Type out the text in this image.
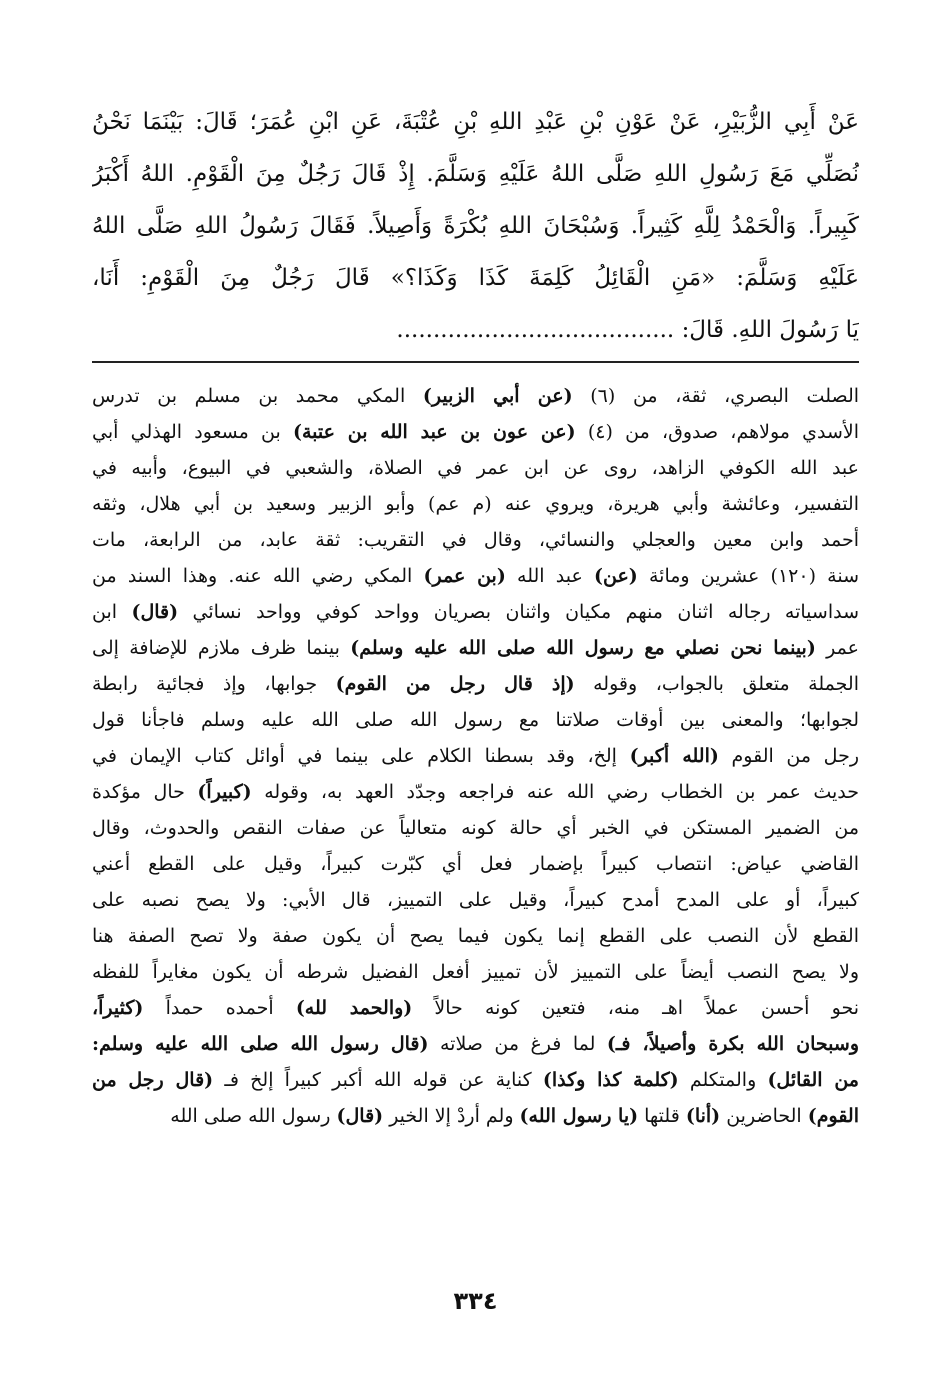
عَنْ أَبِي الزُّبَيْرِ، عَنْ عَوْنِ بْنِ عَبْدِ اللهِ بْنِ عُتْبَةَ، عَنِ ابْنِ عُمَرَ؛ قَالَ: بَيْنَمَا نَحْنُ
نُصَلِّي مَعَ رَسُولِ اللهِ صَلَّى اللهُ عَلَيْهِ وَسَلَّمَ. إِذْ قَالَ رَجُلٌ مِنَ الْقَوْمِ. اللهُ أَكْبَرُ
كَبِيراً. وَالْحَمْدُ لِلَّهِ كَثِيراً. وَسُبْحَانَ اللهِ بُكْرَةً وَأَصِيلاً. فَقَالَ رَسُولُ اللهِ صَلَّى اللهُ
عَلَيْهِ وَسَلَّمَ: «مَنِ الْقَائِلُ كَلِمَةَ كَذَا وَكَذَا؟» قَالَ رَجُلٌ مِنَ الْقَوْمِ: أَنَا،
يَا رَسُولَ اللهِ. قَالَ: ......................................
الصلت البصري، ثقة، من (٦) (عن أبي الزبير) المكي محمد بن مسلم بن تدرس
الأسدي مولاهم، صدوق، من (٤) (عن عون بن عبد الله بن عتبة) بن مسعود الهذلي أبي
عبد الله الكوفي الزاهد، روى عن ابن عمر في الصلاة، والشعبي في البيوع، وأبيه في
التفسير، وعائشة وأبي هريرة، ويروي عنه (م عم) وأبو الزبير وسعيد بن أبي هلال، وثقه
أحمد وابن معين والعجلي والنسائي، وقال في التقريب: ثقة عابد، من الرابعة، مات
سنة (١٢٠) عشرين ومائة (عن) عبد الله (بن عمر) المكي رضي الله عنه. وهذا السند من
سداسياته رجاله اثنان منهم مكيان واثنان بصريان وواحد كوفي وواحد نسائي (قال) ابن
عمر (بينما نحن نصلي مع رسول الله صلى الله عليه وسلم) بينما ظرف ملازم للإضافة إلى
الجملة متعلق بالجواب، وقوله (إذ قال رجل من القوم) جوابها، وإذ فجائية رابطة
لجوابها؛ والمعنى بين أوقات صلاتنا مع رسول الله صلى الله عليه وسلم فاجأنا قول
رجل من القوم (الله أكبر) إلخ، وقد بسطنا الكلام على بينما في أوائل كتاب الإيمان في
حديث عمر بن الخطاب رضي الله عنه فراجعه وجدّد العهد به، وقوله (كبيراً) حال مؤكدة
من الضمير المستكن في الخبر أي حالة كونه متعالياً عن صفات النقص والحدوث، وقال
القاضي عياض: انتصاب كبيراً بإضمار فعل أي كبّرت كبيراً، وقيل على القطع أعني
كبيراً، أو على المدح أمدح كبيراً، وقيل على التمييز، قال الأبي: ولا يصح نصبه على
القطع لأن النصب على القطع إنما يكون فيما يصح أن يكون صفة ولا تصح الصفة هنا
ولا يصح النصب أيضاً على التمييز لأن تمييز أفعل الفضيل شرطه أن يكون مغايراً للفظه
نحو أحسن عملاً اهـ منه، فتعين كونه حالاً (والحمد لله) أحمده حمداً (كثيراً،
وسبحان الله بكرة وأصيلاً، فـ) لما فرغ من صلاته (قال رسول الله صلى الله عليه وسلم:
من القائل) والمتكلم (كلمة كذا وكذا) كناية عن قوله الله أكبر كبيراً إلخ فـ (قال رجل من
القوم) الحاضرين (أنا) قلتها (يا رسول الله) ولم أردْ إلا الخير (قال) رسول الله صلى الله
٣٣٤
